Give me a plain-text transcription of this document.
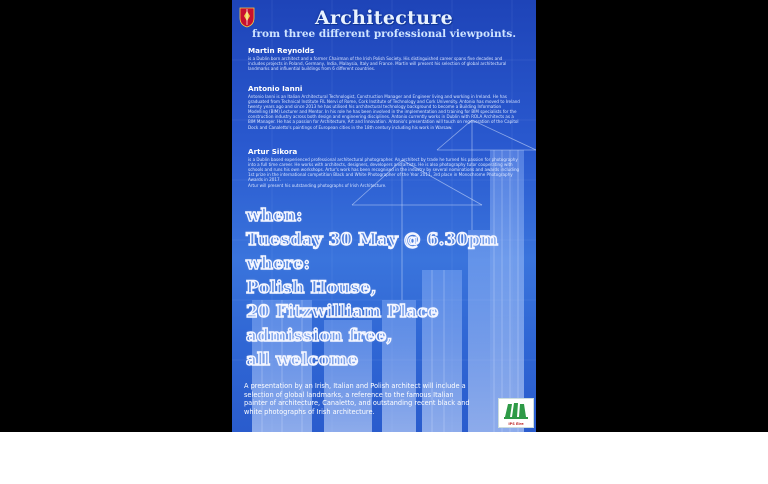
Architecture
from three different professional viewpoints.
Martin Reynolds
is a Dublin born architect and a former Chairman of the Irish Polish Society. His distinguished career spans five decades and includes projects in Poland, Germany, India, Malaysia, Italy and France. Martin will present his selection of global architectural landmarks and influential buildings from 6 different countries.
Antonio Ianni
Antonio Ianni is an Italian Architectural Technologist, Construction Manager and Engineer living and working in Ireland. He has graduated from Technical Institute FIL Nervi of Rome, Cork Institute of Technology and Cork University. Antonio has moved to Ireland twenty years ago and since 2013 he has utilised his architectural technology background to become a Building Information Modelling (BIM) Lecturer and Mentor. In his role he has been involved in the implementation and training for BIM specialists for the construction industry across both design and engineering disciplines. Antonio currently works in Dublin with ROLA Architects as a BIM Manager. He has a passion for Architecture, Art and Innovation. Antonio's presentation will touch on regeneration of the Capitol Dock and Canaletto's paintings of European cities in the 18th century including his work in Warsaw.
Artur Sikora
is a Dublin based experienced professional architectural photographer. An architect by trade he turned his passion for photography into a full time career. He works with architects, designers, developers and artists. He is also photography tutor cooperating with schools and runs his own workshops. Artur's work has been recognised in the industry by several nominations and awards including 1st prize in the international competition Black and White Photographer of the Year 2011, 3rd place in Monochrome Photography Awards in 2017.
Artur will present his outstanding photographs of Irish Architecture.
when:
Tuesday 30 May @ 6.30pm
where:
Polish House,
20 Fitzwilliam Place
admission free,
all welcome
A presentation by an Irish, Italian and Polish architect will include a selection of global landmarks, a reference to the famous Italian painter of architecture, Canaletto, and outstanding recent black and white photographs of Irish architecture.
IPS Eire
